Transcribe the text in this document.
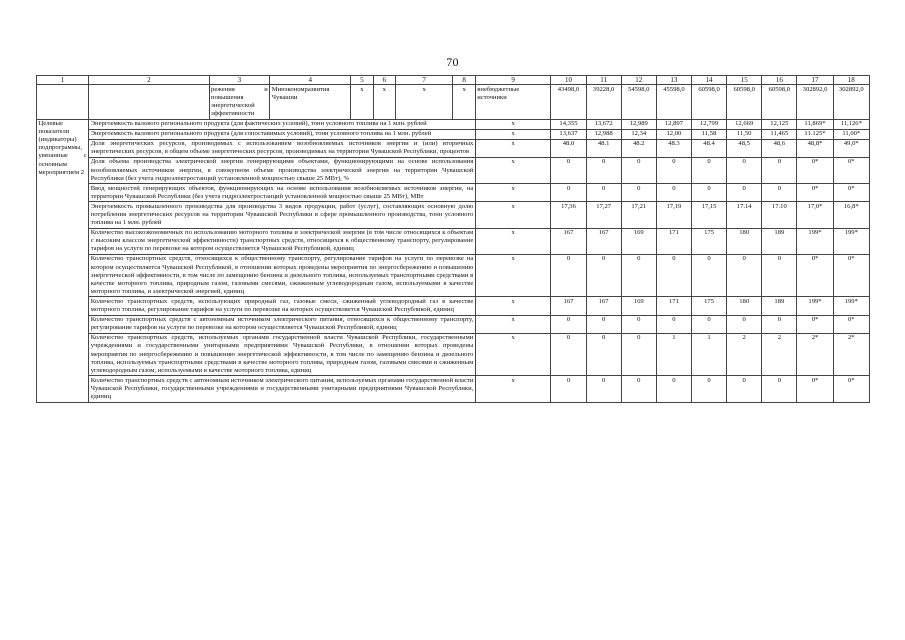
70
1	2	3	4	5	6	7	8	9	10	11	12	13	14	15	16	17	18
		режения и повышения энергетической эффективности	Минэкономразвития Чувашии	x	x	x	x	внебюджетные источники	43498,0	39228,0	54598,0	45598,0	60598,0	60598,0	60598,0	302892,0	302892,0
Целевые показатели (индикаторы) подпрограммы, увязанные с основным мероприятием 2	Энергоемкость валового регионального продукта (для фактических условий), тонн условного топлива на 1 млн. рублей							x	14,355	13,672	12,989	12,897	12,799	12,669	12,125	11,869*	11,126*
	Энергоемкость валового регионального продукта (для сопоставимых условий), тонн условного топлива на 1 млн. рублей							x	13,637	12,988	12,34	12,00	11,58	11,50	11,465	11.125*	11,00*
	Доля энергетических ресурсов, производимых с использованием возобновляемых источников энергии и (или) вторичных энергетических ресурсов, в общем объеме энергетических ресурсов, производимых на территории Чувашской Республики, процентов							x	48.0	48.1	48.2	48.3	48.4	48,5	48,6	48,8*	49,0*
	Доля объема производства электрической энергии генерирующими объектами, функционирующими на основе использования возобновляемых источников энергии, в совокупном объеме производства электрической энергии на территории Чувашской Республики (без учета гидроэлектростанций установленной мощностью свыше 25 МВт), %							x	0	0	0	0	0	0	0	0*	0*
	Ввод мощностей генерирующих объектов, функционирующих на основе использования возобновляемых источников энергии, на территории Чувашской Республики (без учета гидроэлектростанций установленной мощностью свыше 25 МВт), МВт							x	0	0	0	0	0	0	0	0*	0*
	Энергоемкость промышленного производства для производства 3 видов продукции, работ (услуг), составляющих основную долю потребления энергетических ресурсов на территории Чувашской Республики в сфере промышленного производства, тонн условного топлива на 1 млн. рублей							x	17,36	17,27	17,21	17,19	17,15	17.14	17.10	17,0*	16,8*
	Количество высокоэкономичных по использованию моторного топлива и электрической энергии (в том числе относящихся к объектам с высоким классом энергетической эффективности) транспортных средств, относящихся к общественному транспорту, регулирование тарифов на услуги по перевозке на котором осуществляется Чувашской Республикой, единиц							x	167	167	169	171	175	180	189	199*	199*
	Количество транспортных средств, относящихся к общественному транспорту, регулирование тарифов на услуги по перевозке на котором осуществляется Чувашской Республикой, в отношении которых проведены мероприятия по энергосбережению и повышению энергетической эффективности, в том числе по замещению бензина и дизельного топлива, используемых транспортными средствами в качестве моторного топлива, природным газом, газовыми смесями, сжиженным углеводородным газом, используемыми в качестве моторного топлива, и электрической энергией, единиц							x	0	0	0	0	0	0	0	0*	0*
	Количество транспортных средств, использующих природный газ, газовые смеси, сжиженный углеводородный газ в качестве моторного топлива, регулирование тарифов на услуги по перевозке на которых осуществляется Чувашской Республикой, единиц							x	167	167	169	171	175	180	189	199*	199*
	Количество транспортных средств с автономным источником электрического питания, относящихся к общественному транспорту, регулирование тарифов на услуги по перевозке на котором осуществляется Чувашской Республикой, единиц							x	0	0	0	0	0	0	0	0*	0*
	Количество транспортных средств, используемых органами государственной власти Чувашской Республики, государственными учреждениями и государственными унитарными предприятиями Чувашской Республики, в отношении которых проведены мероприятия по энергосбережению и повышению энергетической эффективности, в том числе по замещению бензина и дизельного топлива, используемых транспортными средствами в качестве моторного топлива, природным газом, газовыми смесями и сжиженным углеводородным газом, используемыми в качестве моторного топлива, единиц							x	0	0	0	1	1	2	2	2*	2*
	Количество транспортных средств с автономным источником электрического питания, используемых органами государственной власти Чувашской Республики, государственными учреждениями и государственными унитарными предприятиями Чувашской Республики, единиц							x	0	0	0	0	0	0	0	0*	0*
